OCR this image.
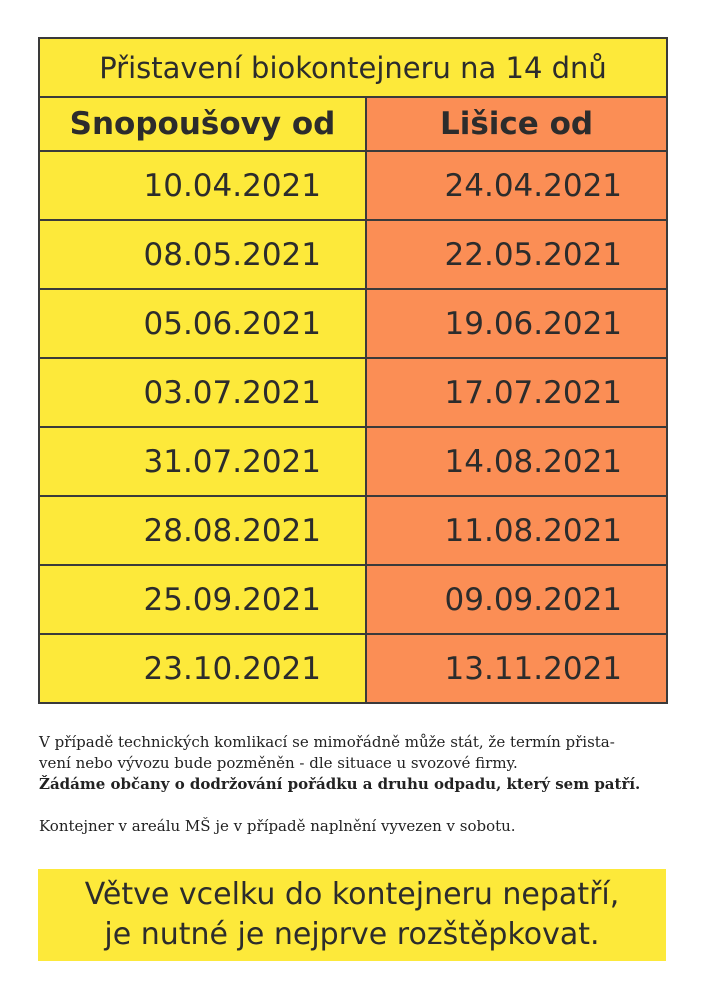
Přistavení biokontejneru na 14 dnů	
Snopoušovy od	Lišice od
10.04.2021	24.04.2021
08.05.2021	22.05.2021
05.06.2021	19.06.2021
03.07.2021	17.07.2021
31.07.2021	14.08.2021
28.08.2021	11.08.2021
25.09.2021	09.09.2021
23.10.2021	13.11.2021

V případě technických komlikací se mimořádně může stát, že termín přista-

vení nebo vývozu bude pozměněn - dle situace u svozové firmy.

Žádáme občany o dodržování pořádku a druhu odpadu, který sem patří.

Kontejner v areálu MŠ je v případě naplnění vyvezen v sobotu.

Větve vcelku do kontejneru nepatří,
je nutné je nejprve rozštěpkovat.
